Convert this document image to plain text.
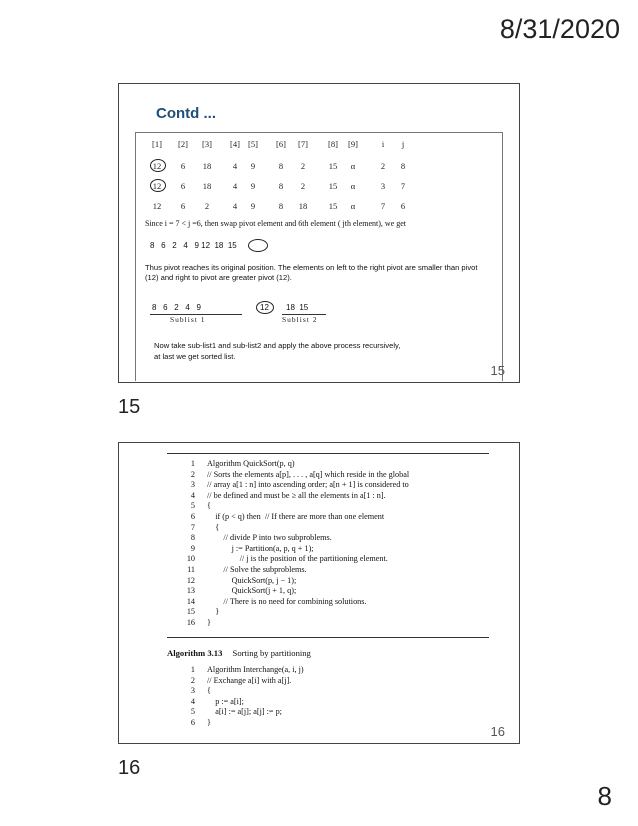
8/31/2020
Contd ...
[1]	[2]	[3]	[4] [5]	[6]	[7]	[8]	[9]	i	j
12	6	18	4	9	8	2	15	α	2	8
12	6	18	4	9	8	2	15	α	3	7
12	6	2	4	9	8	18	15	α	7	6
Since i = 7 < j =6, then swap pivot element and 6th element ( jth element), we get
8   6   2   4   9 12  18  15
Thus pivot reaches its original position. The elements on left to the right pivot are smaller than pivot (12) and right to pivot are greater pivot (12).
8   6   2   4   9	12 18  15
Sublist 1	Sublist 2
Now take sub-list1 and sub-list2 and apply the above process recursively,
at last we get sorted list.
15
15
1 Algorithm QuickSort(p, q)
2 // Sorts the elements a[p], . . . , a[q] which reside in the global
3 // array a[1 : n] into ascending order; a[n + 1] is considered to
4 // be defined and must be ≥ all the elements in a[1 : n].
5 {
6    if (p < q) then  // If there are more than one element
7    {
8        // divide P into two subproblems.
9            j := Partition(a, p, q + 1);
10                // j is the position of the partitioning element.
11        // Solve the subproblems.
12            QuickSort(p, j − 1);
13            QuickSort(j + 1, q);
14        // There is no need for combining solutions.
15    }
16 }
Algorithm 3.13 Sorting by partitioning
1 Algorithm Interchange(a, i, j)
2 // Exchange a[i] with a[j].
3 {
4    p := a[i];
5    a[i] := a[j]; a[j] := p;
6 }
16
16
8
